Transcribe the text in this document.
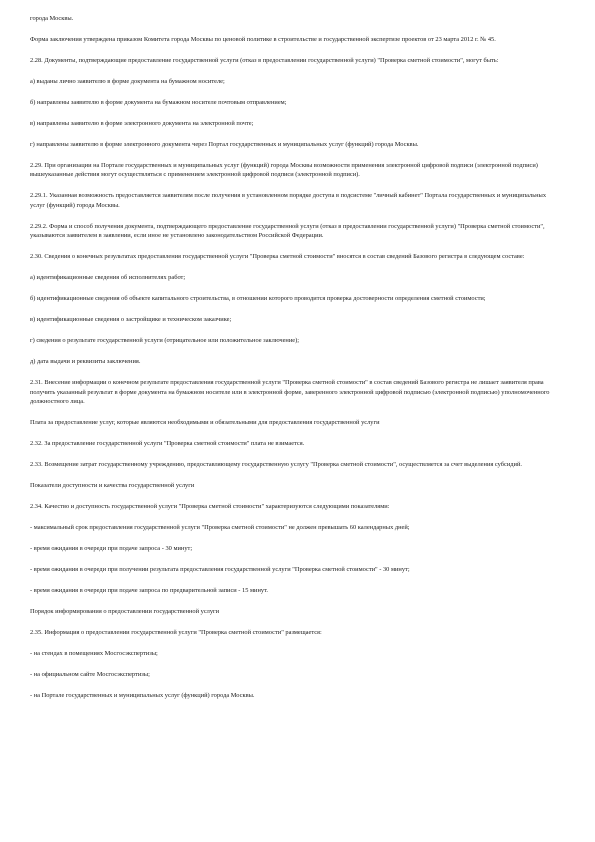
города Москвы.

Форма заключения утверждена приказом Комитета города Москвы по ценовой политике в строительстве и государственной экспертизе проектов от 23 марта 2012 г. № 45.

2.28. Документы, подтверждающие предоставление государственной услуги (отказ в предоставлении государственной услуги) "Проверка сметной стоимости", могут быть:

а) выданы лично заявителю в форме документа на бумажном носителе;

б) направлены заявителю в форме документа на бумажном носителе почтовым отправлением;

в) направлены заявителю в форме электронного документа на электронной почте;

г) направлены заявителю в форме электронного документа через Портал государственных и муниципальных услуг (функций) города Москвы.

2.29. При организации на Портале государственных и муниципальных услуг (функций) города Москвы возможности применения электронной цифровой подписи (электронной подписи) вышеуказанные действия могут осуществляться с применением электронной цифровой подписи (электронной подписи).

2.29.1. Указанная возможность предоставляется заявителям после получения в установленном порядке доступа в подсистеме "личный кабинет" Портала государственных и муниципальных услуг (функций) города Москвы.

2.29.2. Форма и способ получения документа, подтверждающего предоставление государственной услуги (отказ в предоставлении государственной услуги) "Проверка сметной стоимости", указываются заявителем в заявлении, если иное не установлено законодательством Российской Федерации.

2.30. Сведения о конечных результатах предоставления государственной услуги "Проверка сметной стоимости" вносятся в состав сведений Базового регистра в следующем составе:

а) идентификационные сведения об исполнителях работ;

б) идентификационные сведения об объекте капитального строительства, в отношении которого проводится проверка достоверности определения сметной стоимости;

в) идентификационные сведения о застройщике и техническом заказчике;

г) сведения о результате государственной услуги (отрицательное или положительное заключение);

д) дата выдачи и реквизиты заключения.

2.31. Внесение информации о конечном результате предоставления государственной услуги "Проверка сметной стоимости" в состав сведений Базового регистра не лишает заявителя права получить указанный результат в форме документа на бумажном носителе или в электронной форме, заверенного электронной цифровой подписью (электронной подписью) уполномоченного должностного лица.

Плата за предоставление услуг, которые являются необходимыми и обязательными для предоставления государственной услуги

2.32. За предоставление государственной услуги "Проверка сметной стоимости" плата не взимается.

2.33. Возмещение затрат государственному учреждению, предоставляющему государственную услугу "Проверка сметной стоимости", осуществляется за счет выделения субсидий.

Показатели доступности и качества государственной услуги

2.34. Качество и доступность государственной услуги "Проверка сметной стоимости" характеризуются следующими показателями:

- максимальный срок предоставления государственной услуги "Проверка сметной стоимости" не должен превышать 60 календарных дней;

- время ожидания в очереди при подаче запроса - 30 минут;

- время ожидания в очереди при получении результата предоставления государственной услуги "Проверка сметной стоимости" - 30 минут;

- время ожидания в очереди при подаче запроса по предварительной записи - 15 минут.

Порядок информирования о предоставлении государственной услуги

2.35. Информация о предоставлении государственной услуги "Проверка сметной стоимости" размещается:

- на стендах в помещениях Мосгосэкспертизы;

- на официальном сайте Мосгосэкспертизы;

- на Портале государственных и муниципальных услуг (функций) города Москвы.
